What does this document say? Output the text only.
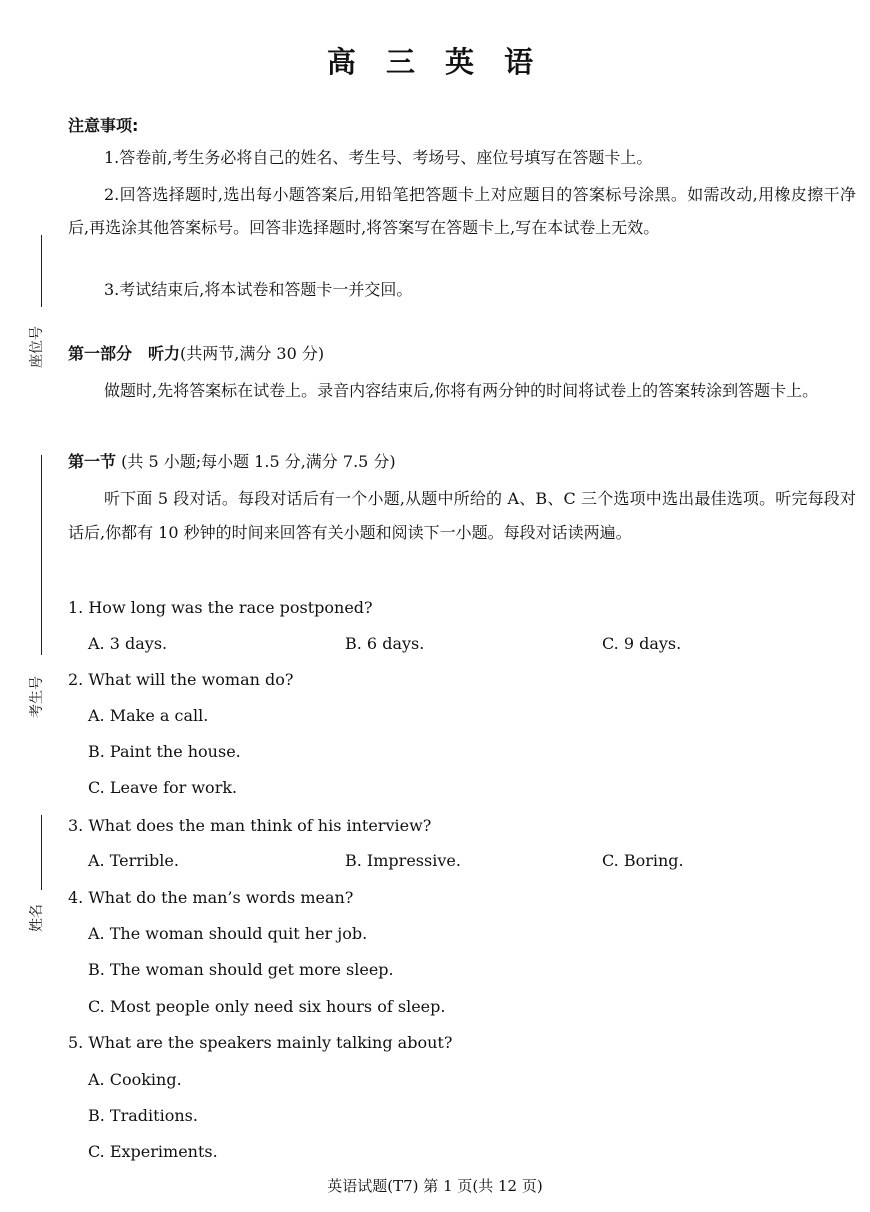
高 三 英 语
座位号
考生号
姓名
注意事项:
1.答卷前,考生务必将自己的姓名、考生号、考场号、座位号填写在答题卡上。
2.回答选择题时,选出每小题答案后,用铅笔把答题卡上对应题目的答案标号涂黑。如需改动,用橡皮擦干净后,再选涂其他答案标号。回答非选择题时,将答案写在答题卡上,写在本试卷上无效。
3.考试结束后,将本试卷和答题卡一并交回。
第一部分　听力(共两节,满分 30 分)
做题时,先将答案标在试卷上。录音内容结束后,你将有两分钟的时间将试卷上的答案转涂到答题卡上。
第一节 (共 5 小题;每小题 1.5 分,满分 7.5 分)
听下面 5 段对话。每段对话后有一个小题,从题中所给的 A、B、C 三个选项中选出最佳选项。听完每段对话后,你都有 10 秒钟的时间来回答有关小题和阅读下一小题。每段对话读两遍。
1. How long was the race postponed?
A. 3 days.	B. 6 days.	C. 9 days.
2. What will the woman do?
A. Make a call.
B. Paint the house.
C. Leave for work.
3. What does the man think of his interview?
A. Terrible.	B. Impressive.	C. Boring.
4. What do the man’s words mean?
A. The woman should quit her job.
B. The woman should get more sleep.
C. Most people only need six hours of sleep.
5. What are the speakers mainly talking about?
A. Cooking.
B. Traditions.
C. Experiments.
英语试题(T7) 第 1 页(共 12 页)
